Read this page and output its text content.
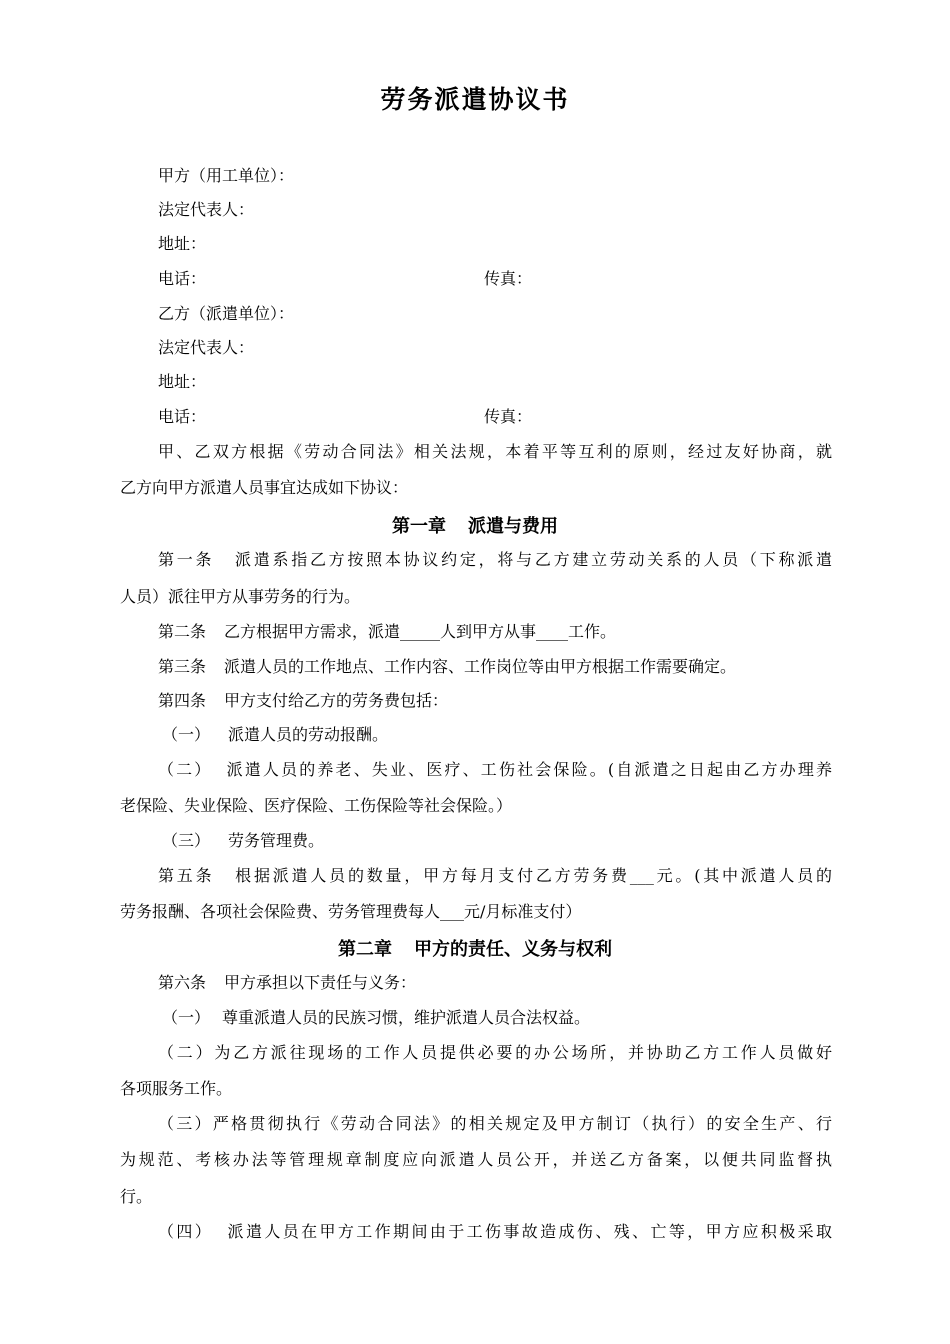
劳务派遣协议书
甲方（用工单位）：
法定代表人：
地址：
电话：	传真：
乙方（派遣单位）：
法定代表人：
地址：
电话：	传真：
甲、乙双方根据《劳动合同法》相关法规，本着平等互利的原则，经过友好协商，就
乙方向甲方派遣人员事宜达成如下协议：
第一章 派遣与费用
第一条 派遣系指乙方按照本协议约定，将与乙方建立劳动关系的人员（下称派遣
人员）派往甲方从事劳务的行为。
第二条 乙方根据甲方需求，派遣_____人到甲方从事____工作。
第三条 派遣人员的工作地点、工作内容、工作岗位等由甲方根据工作需要确定。
第四条 甲方支付给乙方的劳务费包括：
（一） 派遣人员的劳动报酬。
（二） 派遣人员的养老、失业、医疗、工伤社会保险。(自派遣之日起由乙方办理养
老保险、失业保险、医疗保险、工伤保险等社会保险。）
（三） 劳务管理费。
第五条 根据派遣人员的数量，甲方每月支付乙方劳务费___元。(其中派遣人员的
劳务报酬、各项社会保险费、劳务管理费每人___元/月标准支付）
第二章 甲方的责任、义务与权利
第六条 甲方承担以下责任与义务：
（一） 尊重派遣人员的民族习惯，维护派遣人员合法权益。
（二）为乙方派往现场的工作人员提供必要的办公场所，并协助乙方工作人员做好
各项服务工作。
（三）严格贯彻执行《劳动合同法》的相关规定及甲方制订（执行）的安全生产、行
为规范、考核办法等管理规章制度应向派遣人员公开，并送乙方备案，以便共同监督执
行。
（四） 派遣人员在甲方工作期间由于工伤事故造成伤、残、亡等，甲方应积极采取
